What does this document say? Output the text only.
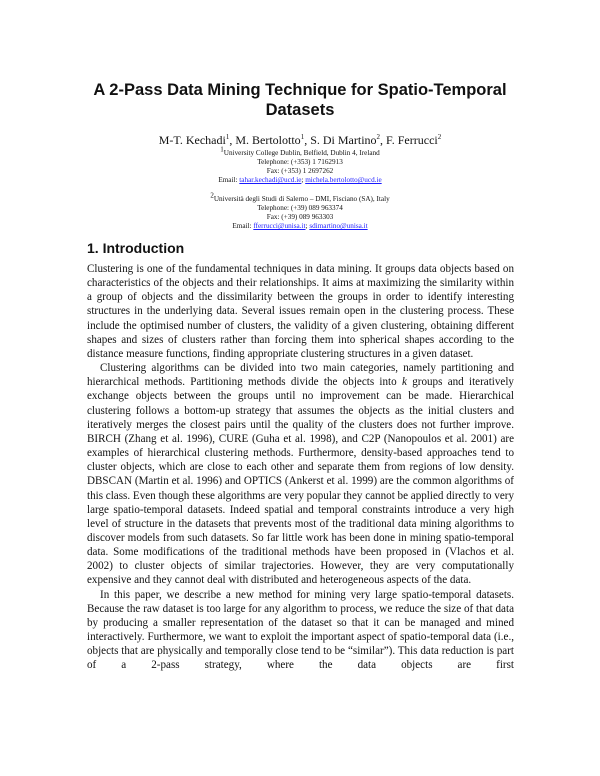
A 2-Pass Data Mining Technique for Spatio-Temporal
Datasets
M-T. Kechadi$^1$, M. Bertolotto$^1$, S. Di Martino$^2$, F. Ferrucci$^2$
$^1$University College Dublin, Belfield, Dublin 4, Ireland
Telephone: (+353) 1 7162913
Fax: (+353) 1 2697262
Email: tahar.kechadi@ucd.ie; michela.bertolotto@ucd.ie
$^2$Università degli Studi di Salerno – DMI, Fisciano (SA), Italy
Telephone: (+39) 089 963374
Fax: (+39) 089 963303
Email: fferrucci@unisa.it; sdimartino@unisa.it
1. Introduction

Clustering is one of the fundamental techniques in data mining. It groups data objects based on characteristics of the objects and their relationships. It aims at maximizing the similarity within a group of objects and the dissimilarity between the groups in order to identify interesting structures in the underlying data. Several issues remain open in the clustering process. These include the optimised number of clusters, the validity of a given clustering, obtaining different shapes and sizes of clusters rather than forcing them into spherical shapes according to the distance measure functions, finding appropriate clustering structures in a given dataset.

Clustering algorithms can be divided into two main categories, namely partitioning and hierarchical methods. Partitioning methods divide the objects into k groups and iteratively exchange objects between the groups until no improvement can be made. Hierarchical clustering follows a bottom-up strategy that assumes the objects as the initial clusters and iteratively merges the closest pairs until the quality of the clusters does not further improve. BIRCH (Zhang et al. 1996), CURE (Guha et al. 1998), and C2P (Nanopoulos et al. 2001) are examples of hierarchical clustering methods. Furthermore, density-based approaches tend to cluster objects, which are close to each other and separate them from regions of low density. DBSCAN (Martin et al. 1996) and OPTICS (Ankerst et al. 1999) are the common algorithms of this class. Even though these algorithms are very popular they cannot be applied directly to very large spatio-temporal datasets. Indeed spatial and temporal constraints introduce a very high level of structure in the datasets that prevents most of the traditional data mining algorithms to discover models from such datasets. So far little work has been done in mining spatio-temporal data. Some modifications of the traditional methods have been proposed in (Vlachos et al. 2002) to cluster objects of similar trajectories. However, they are very computationally expensive and they cannot deal with distributed and heterogeneous aspects of the data.

In this paper, we describe a new method for mining very large spatio-temporal datasets. Because the raw dataset is too large for any algorithm to process, we reduce the size of that data by producing a smaller representation of the dataset so that it can be managed and mined interactively. Furthermore, we want to exploit the important aspect of spatio-temporal data (i.e., objects that are physically and temporally close tend to be “similar”). This data reduction is part of a 2-pass strategy, where the data objects are first
